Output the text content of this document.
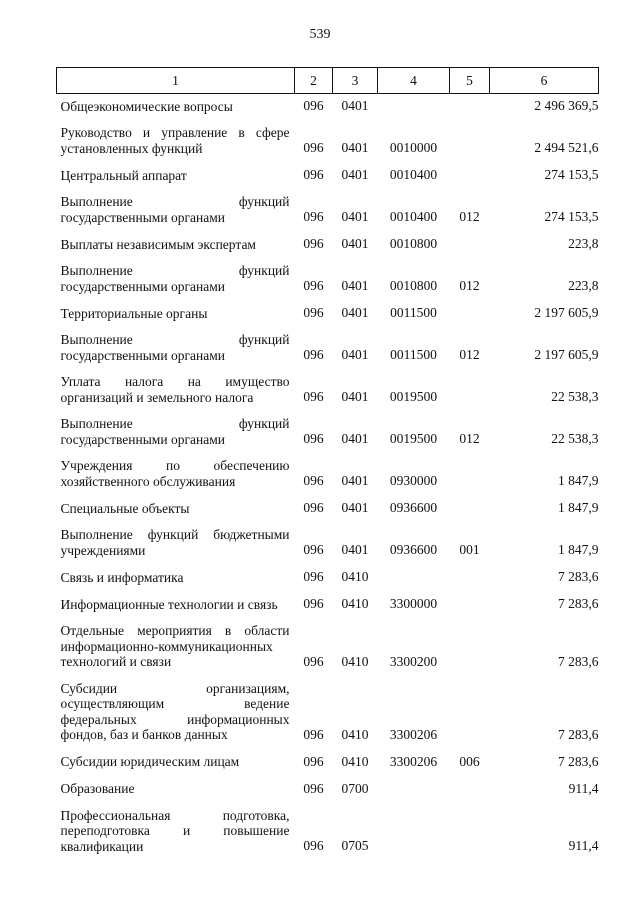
539
1	2	3	4	5	6
Общеэкономические вопросы	096	0401			2 496 369,5
Руководство и управление в сфере установленных функций	096	0401	0010000		2 494 521,6
Центральный аппарат	096	0401	0010400		274 153,5
Выполнение функций государственными органами	096	0401	0010400	012	274 153,5
Выплаты независимым экспертам	096	0401	0010800		223,8
Выполнение функций государственными органами	096	0401	0010800	012	223,8
Территориальные органы	096	0401	0011500		2 197 605,9
Выполнение функций государственными органами	096	0401	0011500	012	2 197 605,9
Уплата налога на имущество организаций и земельного налога	096	0401	0019500		22 538,3
Выполнение функций государственными органами	096	0401	0019500	012	22 538,3
Учреждения по обеспечению хозяйственного обслуживания	096	0401	0930000		1 847,9
Специальные объекты	096	0401	0936600		1 847,9
Выполнение функций бюджетными учреждениями	096	0401	0936600	001	1 847,9
Связь и информатика	096	0410			7 283,6
Информационные технологии и связь	096	0410	3300000		7 283,6
Отдельные мероприятия в области информационно-коммуникационных технологий и связи	096	0410	3300200		7 283,6
Субсидии организациям, осуществляющим ведение федеральных информационных фондов, баз и банков данных	096	0410	3300206		7 283,6
Субсидии юридическим лицам	096	0410	3300206	006	7 283,6
Образование	096	0700			911,4
Профессиональная подготовка, переподготовка и повышение квалификации	096	0705			911,4
